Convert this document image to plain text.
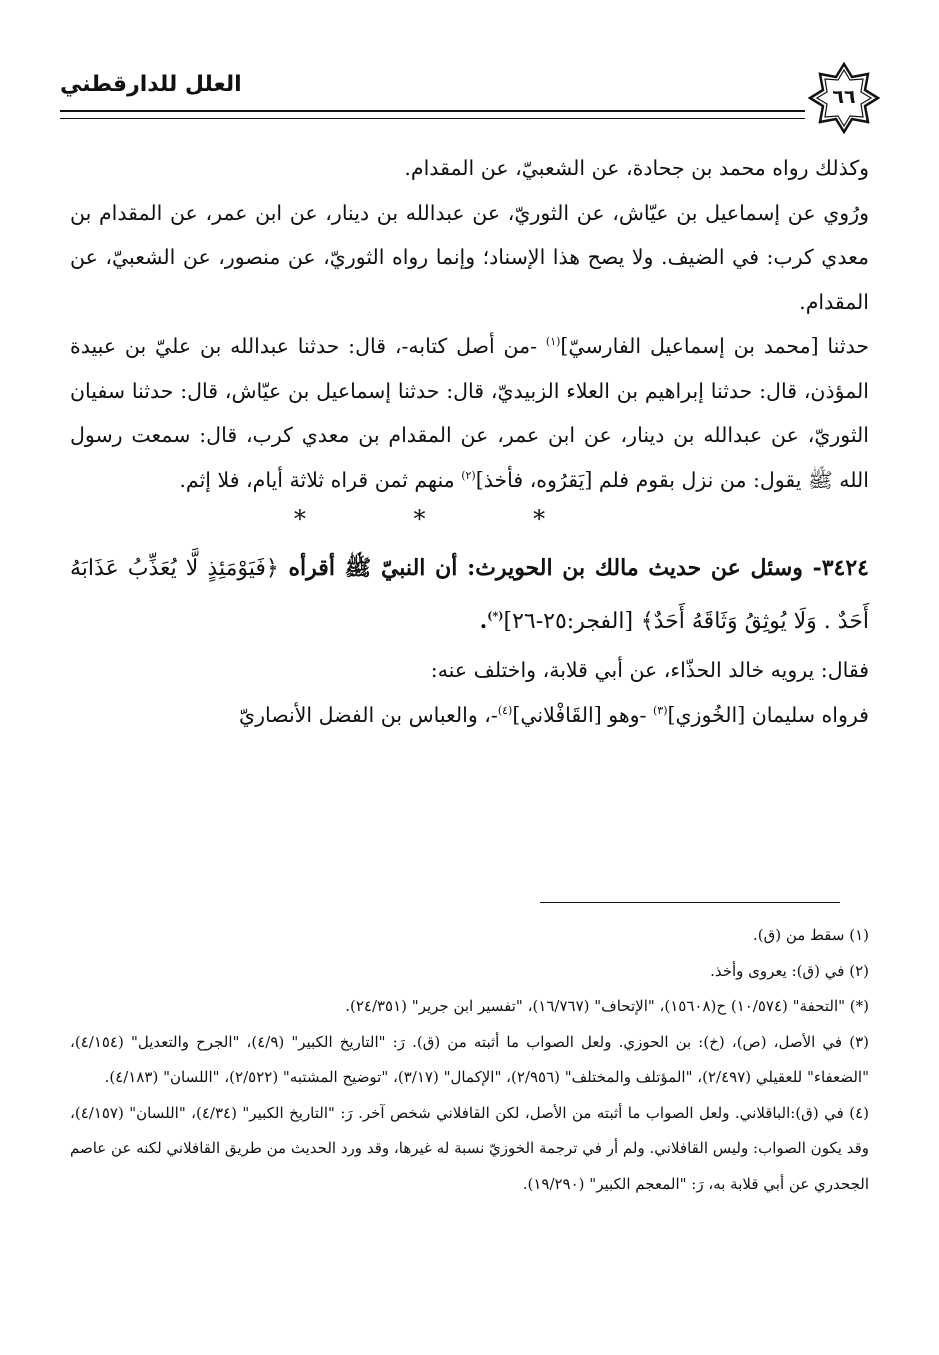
العلل للدارقطني	٦٦

وكذلك رواه محمد بن جحادة، عن الشعبيّ، عن المقدام.

ورُوي عن إسماعيل بن عيّاش، عن الثوريّ، عن عبدالله بن دينار، عن ابن عمر، عن المقدام بن معدي كرب: في الضيف. ولا يصح هذا الإسناد؛ وإنما رواه الثوريّ، عن منصور، عن الشعبيّ، عن المقدام.

حدثنا [محمد بن إسماعيل الفارسيّ]$^{(١)}$ -من أصل كتابه-، قال: حدثنا عبدالله بن عليّ بن عبيدة المؤذن، قال: حدثنا إبراهيم بن العلاء الزبيديّ، قال: حدثنا إسماعيل بن عيّاش، قال: حدثنا سفيان الثوريّ، عن عبدالله بن دينار، عن ابن عمر، عن المقدام بن معدي كرب، قال: سمعت رسول الله ﷺ يقول: من نزل بقوم فلم [يَقرُوه، فأخذ]$^{(٢)}$ منهم ثمن قراه ثلاثة أيام، فلا إثم.

* * *

٣٤٢٤- وسئل عن حديث مالك بن الحويرث: أن النبيّ ﷺ أقرأه ﴿فَيَوْمَئِذٍ لَّا يُعَذِّبُ عَذَابَهُ أَحَدٌ . وَلَا يُوثِقُ وَثَاقَهُ أَحَدٌ﴾ [الفجر:٢٥-٢٦](*).

فقال: يرويه خالد الحذّاء، عن أبي قلابة، واختلف عنه:

فرواه سليمان [الخُوزي]$^{(٣)}$ -وهو [القَافْلاني]$^{(٤)}$-، والعباس بن الفضل الأنصاريّ

(١) سقط من (ق).
(٢) في (ق): يعروى وأخذ.
(*) "التحفة" (١٠/٥٧٤) ح(١٥٦٠٨)، "الإتحاف" (١٦/٧٦٧)، "تفسير ابن جرير" (٢٤/٣٥١).
(٣) في الأصل، (ص)، (خ): بن الحوزي. ولعل الصواب ما أثبته من (ق). رَ: "التاريخ الكبير" (٤/٩)، "الجرح والتعديل" (٤/١٥٤)، "الضعفاء" للعقيلي (٢/٤٩٧)، "المؤتلف والمختلف" (٢/٩٥٦)، "الإكمال" (٣/١٧)، "توضيح المشتبه" (٢/٥٢٢)، "اللسان" (٤/١٨٣).
(٤) في (ق):الباقلاني. ولعل الصواب ما أثبته من الأصل، لكن القافلاني شخص آخر. رَ: "التاريخ الكبير" (٤/٣٤)، "اللسان" (٤/١٥٧)، وقد يكون الصواب: وليس القافلاني. ولم أر في ترجمة الخوزيّ نسبة له غيرها، وقد ورد الحديث من طريق القافلاني لكنه عن عاصم الجحدري عن أبي قلابة به، رَ: "المعجم الكبير" (١٩/٢٩٠).
